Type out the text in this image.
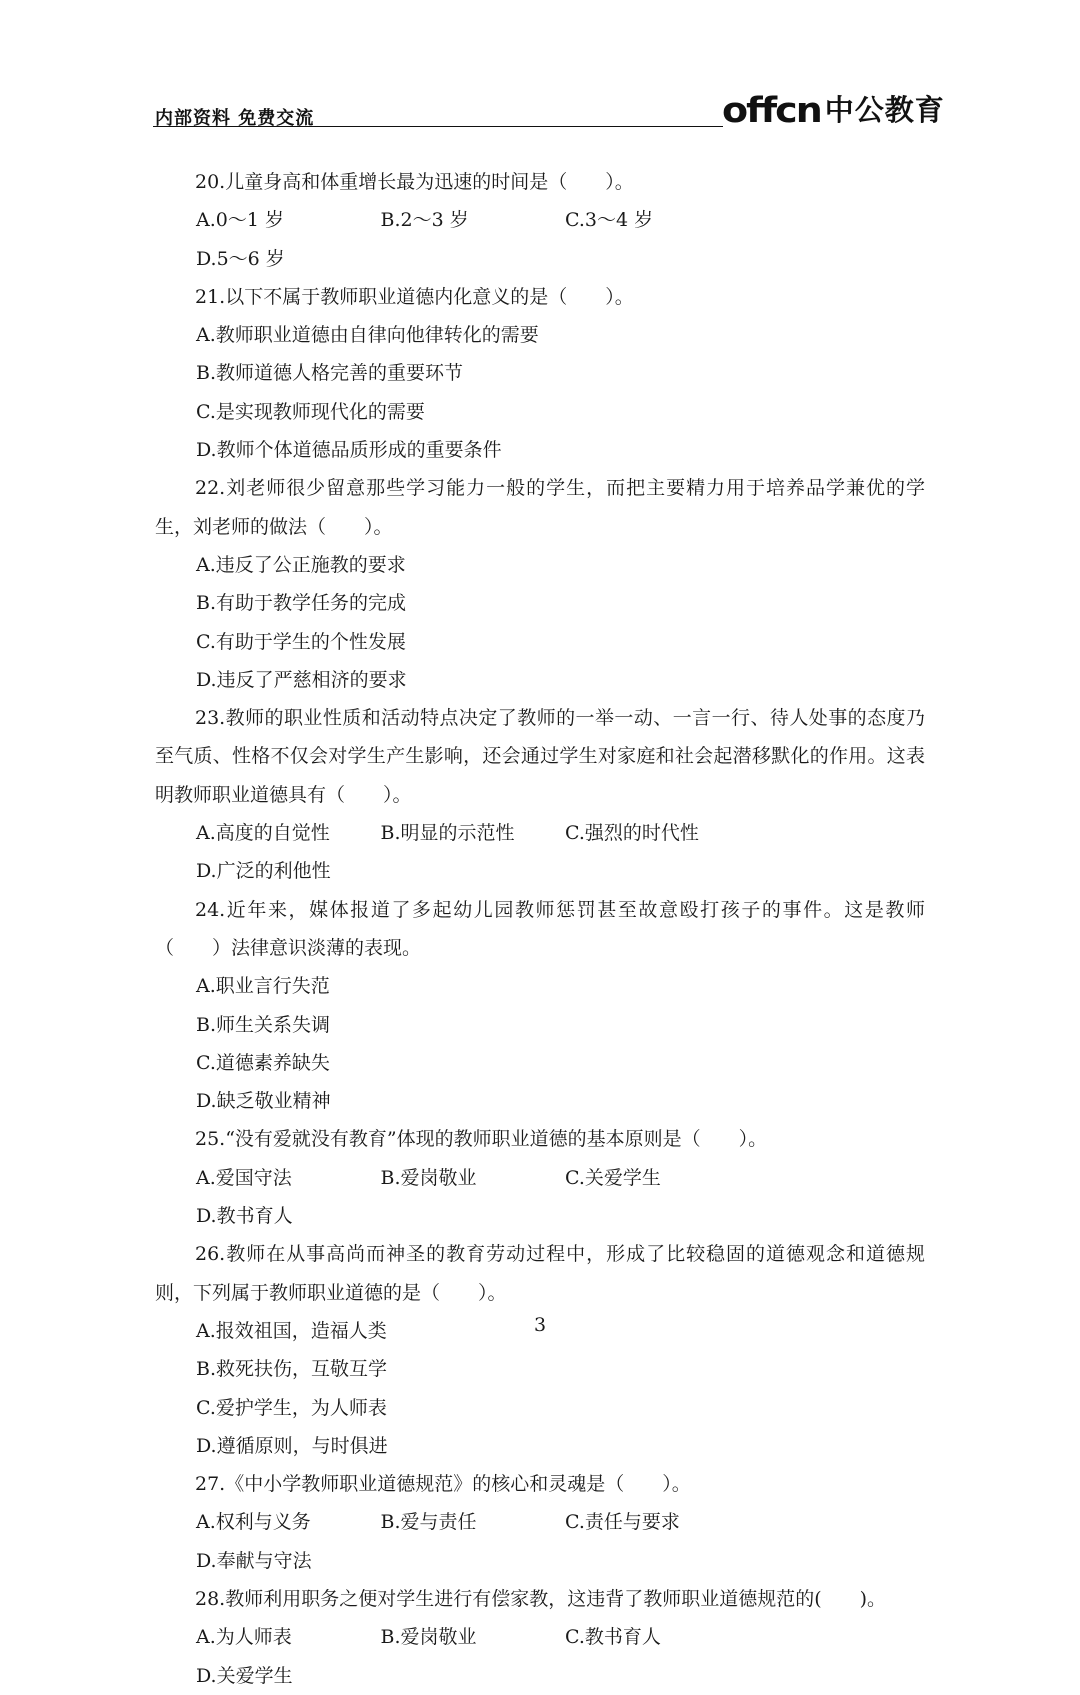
内部资料 免费交流	offcn 中公教育

20.儿童身高和体重增长最为迅速的时间是（　　）。

A.0～1 岁	B.2～3 岁	C.3～4 岁
D.5～6 岁

21.以下不属于教师职业道德内化意义的是（　　）。

A.教师职业道德由自律向他律转化的需要

B.教师道德人格完善的重要环节

C.是实现教师现代化的需要

D.教师个体道德品质形成的重要条件

22.刘老师很少留意那些学习能力一般的学生，而把主要精力用于培养品学兼优的学生，刘老师的做法（　　）。

A.违反了公正施教的要求
B.有助于教学任务的完成
C.有助于学生的个性发展
D.违反了严慈相济的要求

23.教师的职业性质和活动特点决定了教师的一举一动、一言一行、待人处事的态度乃至气质、性格不仅会对学生产生影响，还会通过学生对家庭和社会起潜移默化的作用。这表明教师职业道德具有（　　）。

A.高度的自觉性	B.明显的示范性	C.强烈的时代性
D.广泛的利他性

24.近年来，媒体报道了多起幼儿园教师惩罚甚至故意殴打孩子的事件。这是教师（　　）法律意识淡薄的表现。

A.职业言行失范
B.师生关系失调
C.道德素养缺失
D.缺乏敬业精神

25.“没有爱就没有教育”体现的教师职业道德的基本原则是（　　）。

A.爱国守法	B.爱岗敬业	C.关爱学生
D.教书育人

26.教师在从事高尚而神圣的教育劳动过程中，形成了比较稳固的道德观念和道德规则，下列属于教师职业道德的是（　　）。

A.报效祖国，造福人类
B.救死扶伤，互敬互学
C.爱护学生，为人师表
D.遵循原则，与时俱进

27.《中小学教师职业道德规范》的核心和灵魂是（　　）。

A.权利与义务	B.爱与责任	C.责任与要求
D.奉献与守法

28.教师利用职务之便对学生进行有偿家教，这违背了教师职业道德规范的(　　)。

A.为人师表	B.爱岗敬业	C.教书育人
D.关爱学生
3
